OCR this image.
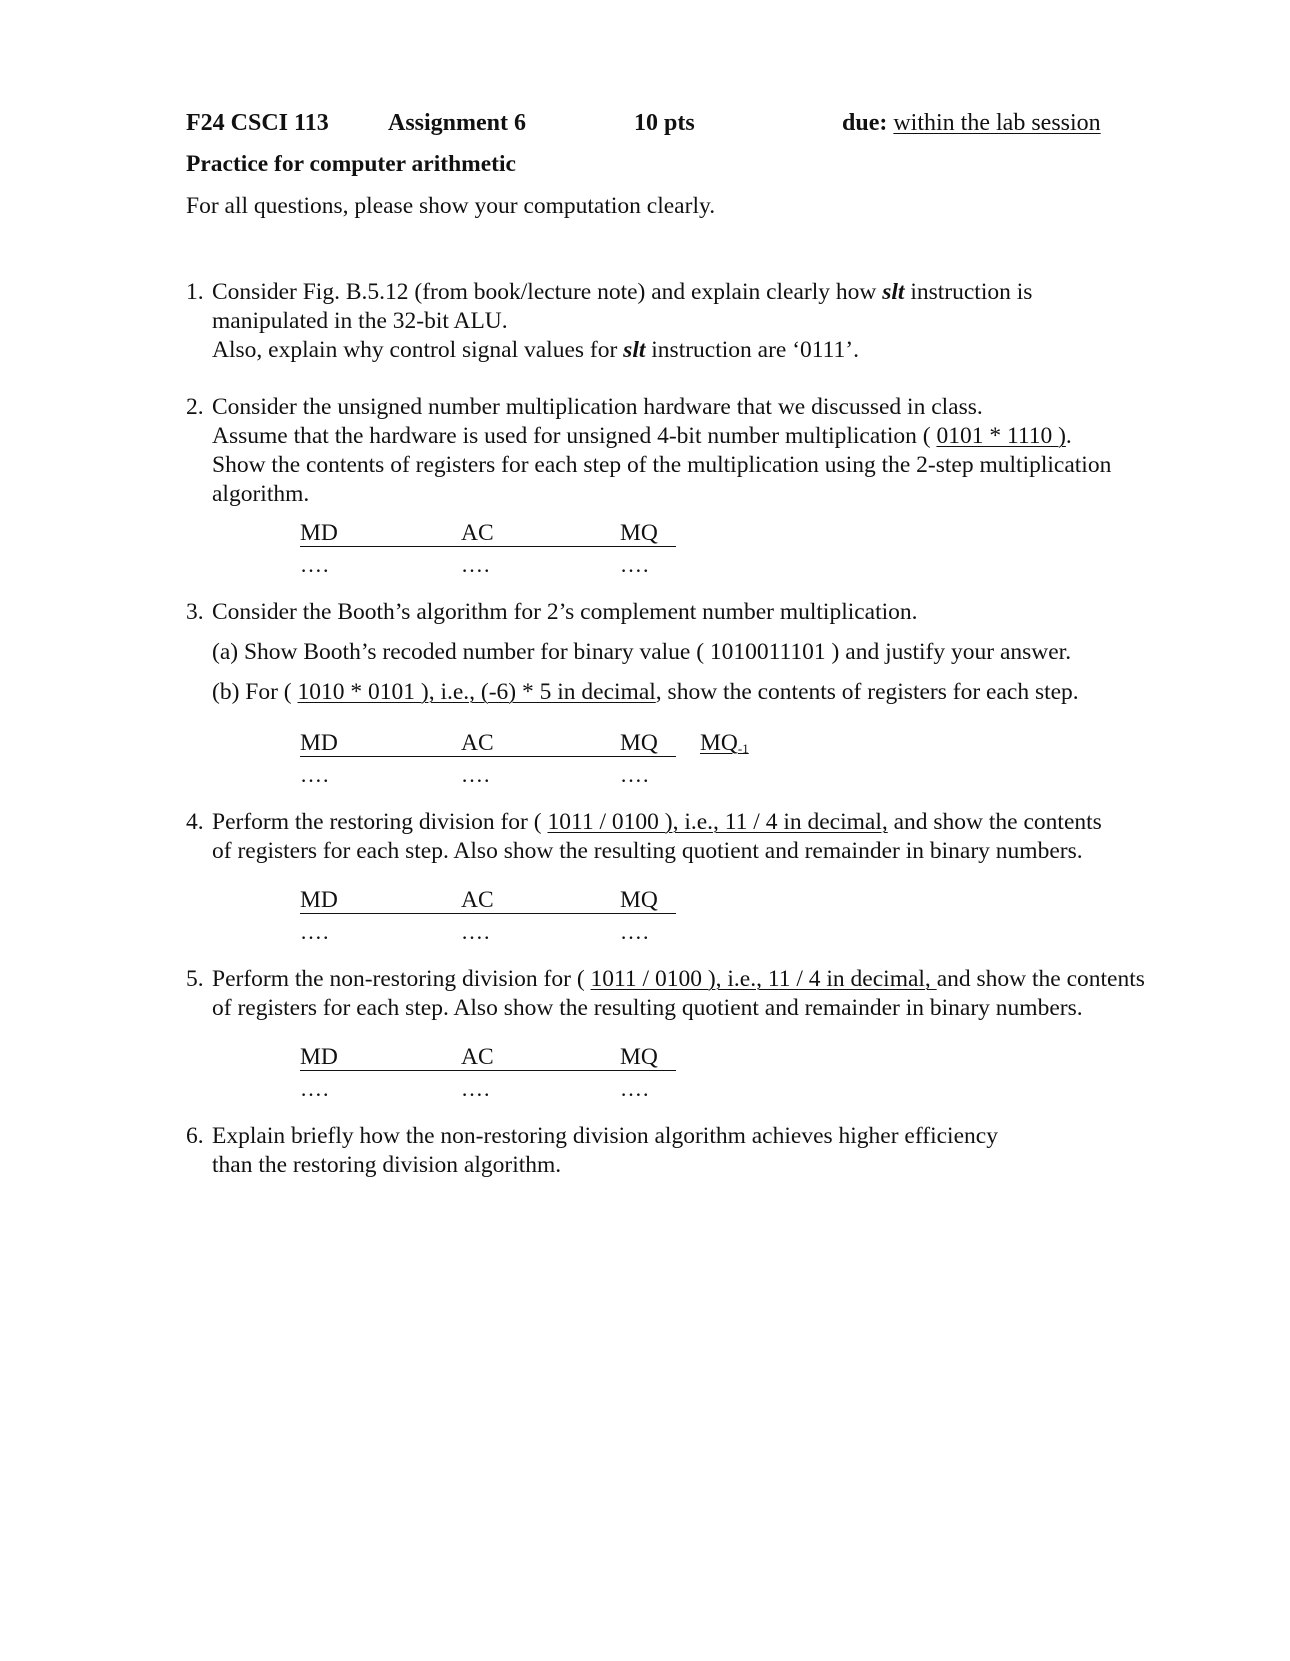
F24 CSCI 113 Assignment 6	10 pts	due: within the lab session
Practice for computer arithmetic
For all questions, please show your computation clearly.
1. Consider Fig. B.5.12 (from book/lecture note) and explain clearly how slt instruction is
manipulated in the 32-bit ALU.
Also, explain why control signal values for slt instruction are ‘0111’.
2. Consider the unsigned number multiplication hardware that we discussed in class.
Assume that the hardware is used for unsigned 4-bit number multiplication ( 0101 * 1110 ).
Show the contents of registers for each step of the multiplication using the 2-step multiplication
algorithm.
MD	AC	MQ
….	….	….
3. Consider the Booth’s algorithm for 2’s complement number multiplication.
(a) Show Booth’s recoded number for binary value ( 1010011101 ) and justify your answer.
(b) For ( 1010 * 0101 ), i.e., (-6) * 5 in decimal, show the contents of registers for each step.
MD	AC	MQ $MQ_{-1}$
….	….	….
4. Perform the restoring division for ( 1011 / 0100 ), i.e., 11 / 4 in decimal, and show the contents
of registers for each step. Also show the resulting quotient and remainder in binary numbers.
MD	AC	MQ
….	….	….
5. Perform the non-restoring division for ( 1011 / 0100 ), i.e., 11 / 4 in decimal, and show the contents
of registers for each step. Also show the resulting quotient and remainder in binary numbers.
MD	AC	MQ
….	….	….
6. Explain briefly how the non-restoring division algorithm achieves higher efficiency
than the restoring division algorithm.
